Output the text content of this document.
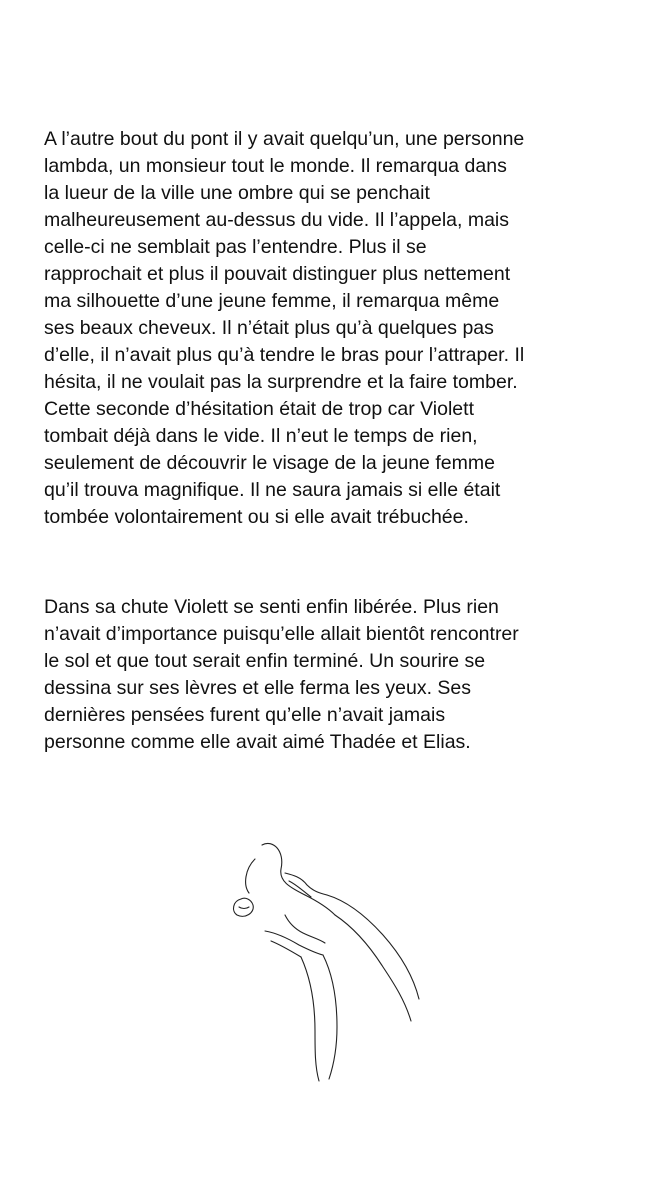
A l’autre bout du pont il y avait quelqu’un, une personne
lambda, un monsieur tout le monde. Il remarqua dans
la lueur de la ville une ombre qui se penchait
malheureusement au-dessus du vide. Il l’appela, mais
celle-ci ne semblait pas l’entendre. Plus il se
rapprochait et plus il pouvait distinguer plus nettement
ma silhouette d’une jeune femme, il remarqua même
ses beaux cheveux. Il n’était plus qu’à quelques pas
d’elle, il n’avait plus qu’à tendre le bras pour l’attraper. Il
hésita, il ne voulait pas la surprendre et la faire tomber.
Cette seconde d’hésitation était de trop car Violett
tombait déjà dans le vide. Il n’eut le temps de rien,
seulement de découvrir le visage de la jeune femme
qu’il trouva magnifique. Il ne saura jamais si elle était
tombée volontairement ou si elle avait trébuchée.
Dans sa chute Violett se senti enfin libérée. Plus rien
n’avait d’importance puisqu’elle allait bientôt rencontrer
le sol et que tout serait enfin terminé. Un sourire se
dessina sur ses lèvres et elle ferma les yeux. Ses
dernières pensées furent qu’elle n’avait jamais
personne comme elle avait aimé Thadée et Elias.
